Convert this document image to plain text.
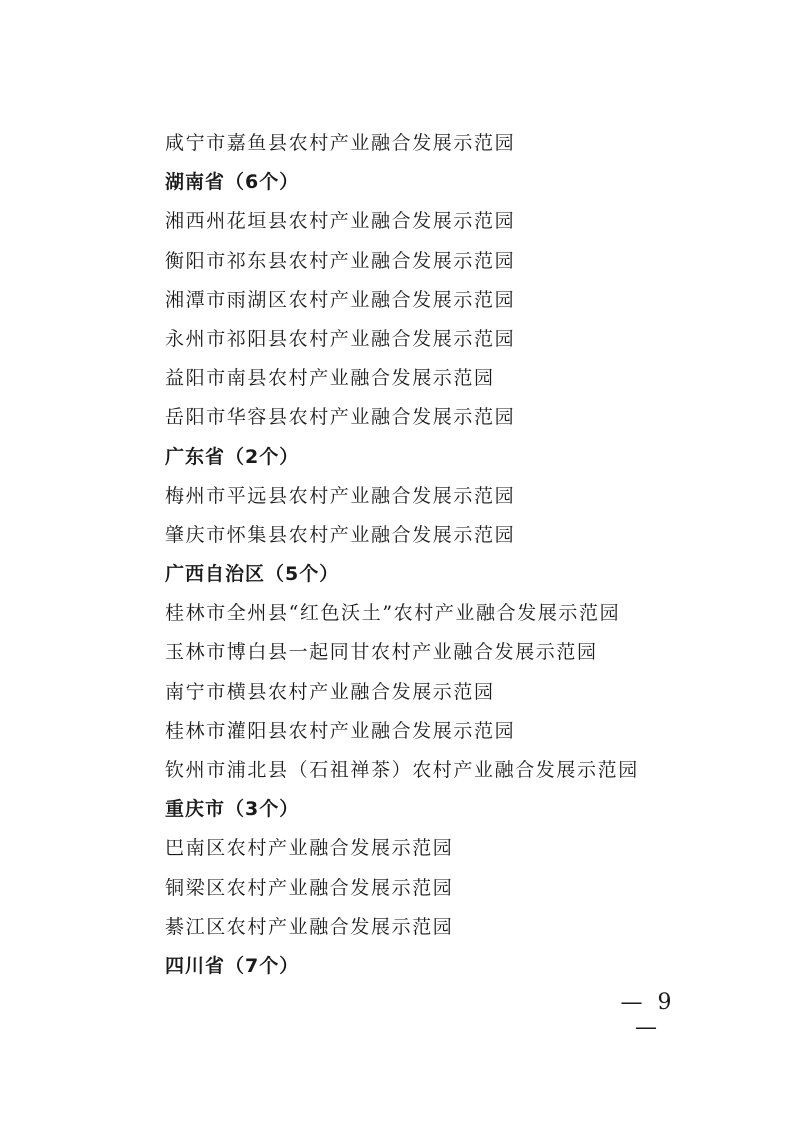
咸宁市嘉鱼县农村产业融合发展示范园
湖南省（6个）
湘西州花垣县农村产业融合发展示范园
衡阳市祁东县农村产业融合发展示范园
湘潭市雨湖区农村产业融合发展示范园
永州市祁阳县农村产业融合发展示范园
益阳市南县农村产业融合发展示范园
岳阳市华容县农村产业融合发展示范园
广东省（2个）
梅州市平远县农村产业融合发展示范园
肇庆市怀集县农村产业融合发展示范园
广西自治区（5个）
桂林市全州县“红色沃土”农村产业融合发展示范园
玉林市博白县一起同甘农村产业融合发展示范园
南宁市横县农村产业融合发展示范园
桂林市灌阳县农村产业融合发展示范园
钦州市浦北县（石祖禅茶）农村产业融合发展示范园
重庆市（3个）
巴南区农村产业融合发展示范园
铜梁区农村产业融合发展示范园
綦江区农村产业融合发展示范园
四川省（7个）
— 9 —
